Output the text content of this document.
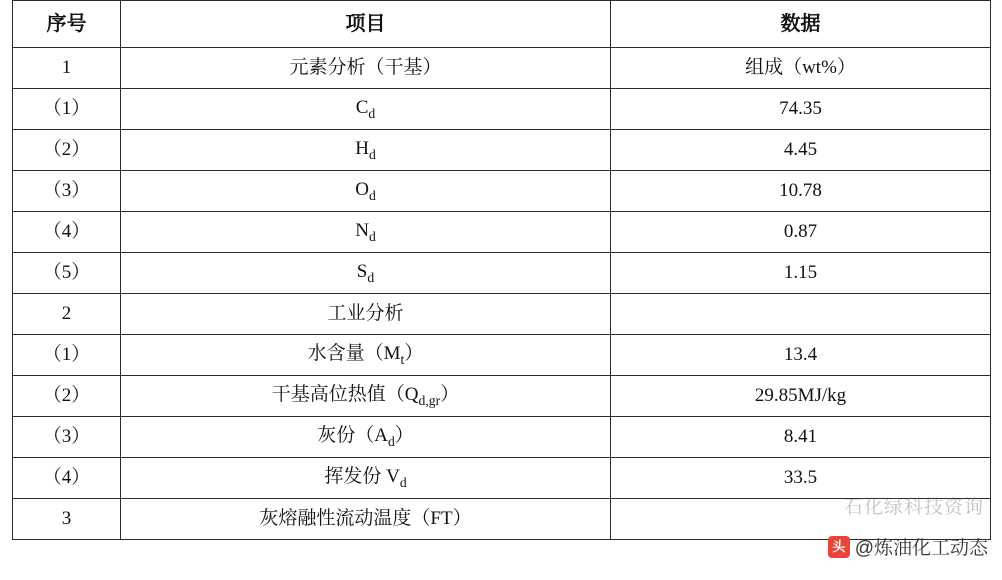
序号	项目	数据
1	元素分析（干基）	组成（wt%）
（1）	$C_d$	74.35
（2）	$H_d$	4.45
（3）	$O_d$	10.78
（4）	$N_d$	0.87
（5）	$S_d$	1.15
2	工业分析	
（1）	水含量$(M_t)$	13.4
（2）	干基高位热值$(Q_{d,gr})$	29.85MJ/kg
（3）	灰份$(A_d)$	8.41
（4）	挥发份 $V_d$	33.5
3	灰熔融性流动温度（FT）	
石化绿科技资询
头条
@炼油化工动态
